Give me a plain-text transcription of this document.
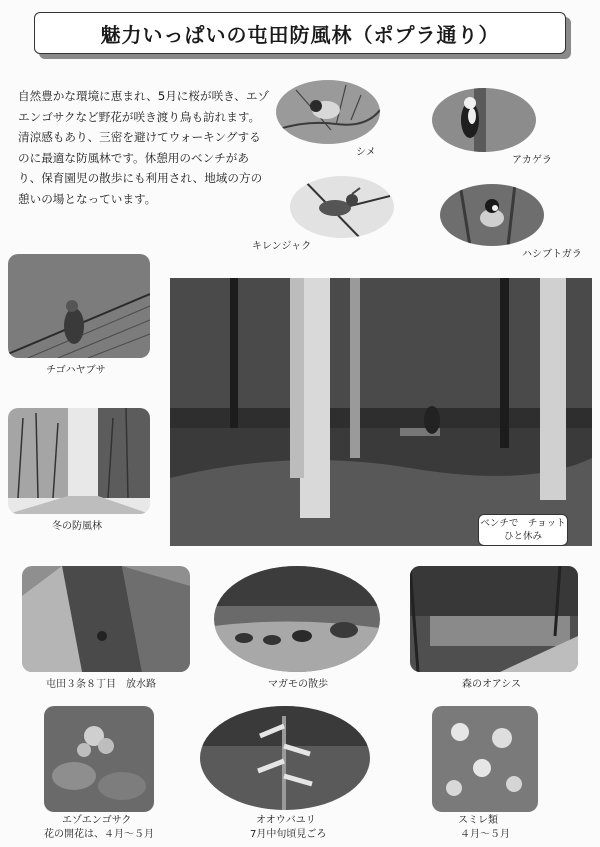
魅力いっぱいの屯田防風林（ポプラ通り）

自然豊かな環境に恵まれ、5月に桜が咲き、エゾエンゴサクなど野花が咲き渡り鳥も訪れます。

清涼感もあり、三密を避けてウォーキングするのに最適な防風林です。休憩用のベンチがあり、保育園児の散歩にも利用され、地域の方の憩いの場となっています。

シメ
アカゲラ
キレンジャク
ハシブトガラ
チゴハヤブサ
冬の防風林	ベンチで　チョット
ひと休み
屯田３条８丁目　放水路	マガモの散歩	森のオアシス
エゾエンゴサク
花の開花は、４月～５月
オオウバユリ
7月中旬頃見ごろ
スミレ類
４月～５月
